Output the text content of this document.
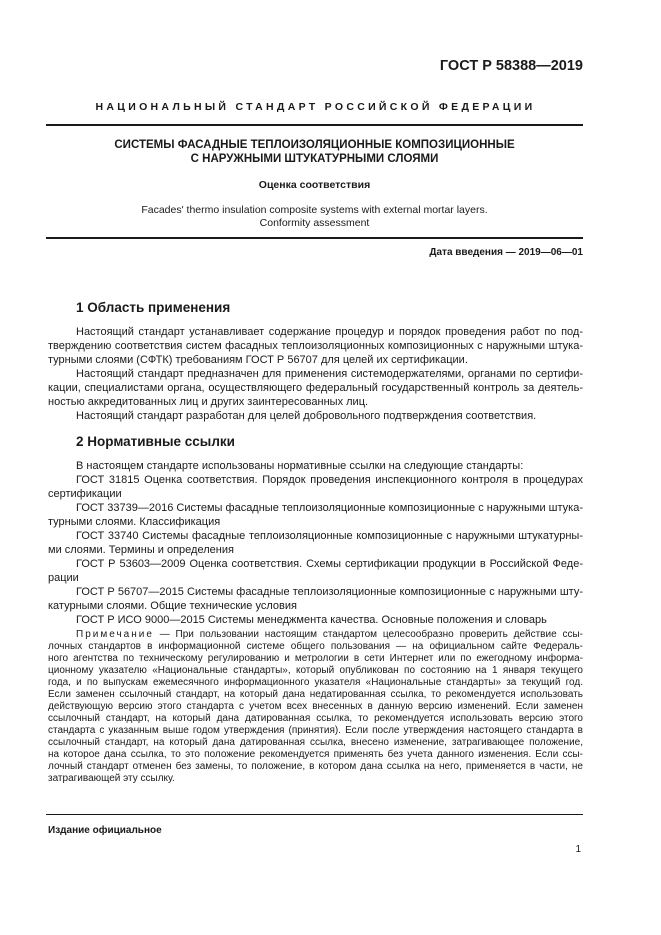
ГОСТ Р 58388—2019
НАЦИОНАЛЬНЫЙ СТАНДАРТ РОССИЙСКОЙ ФЕДЕРАЦИИ
СИСТЕМЫ ФАСАДНЫЕ ТЕПЛОИЗОЛЯЦИОННЫЕ КОМПОЗИЦИОННЫЕ
С НАРУЖНЫМИ ШТУКАТУРНЫМИ СЛОЯМИ
Оценка соответствия
Facades' thermo insulation composite systems with external mortar layers.
Conformity assessment
Дата введения — 2019—06—01
1 Область применения
Настоящий стандарт устанавливает содержание процедур и порядок проведения работ по под-
тверждению соответствия систем фасадных теплоизоляционных композиционных с наружными штука-
турными слоями (СФТК) требованиям ГОСТ Р 56707 для целей их сертификации.
Настоящий стандарт предназначен для применения системодержателями, органами по сертифи-
кации, специалистами органа, осуществляющего федеральный государственный контроль за деятель-
ностью аккредитованных лиц и других заинтересованных лиц.
Настоящий стандарт разработан для целей добровольного подтверждения соответствия.
2 Нормативные ссылки
В настоящем стандарте использованы нормативные ссылки на следующие стандарты:
ГОСТ 31815 Оценка соответствия. Порядок проведения инспекционного контроля в процедурах
сертификации
ГОСТ 33739—2016 Системы фасадные теплоизоляционные композиционные с наружными штука-
турными слоями. Классификация
ГОСТ 33740 Системы фасадные теплоизоляционные композиционные с наружными штукатурны-
ми слоями. Термины и определения
ГОСТ Р 53603—2009 Оценка соответствия. Схемы сертификации продукции в Российской Феде-
рации
ГОСТ Р 56707—2015 Системы фасадные теплоизоляционные композиционные с наружными шту-
катурными слоями. Общие технические условия
ГОСТ Р ИСО 9000—2015 Системы менеджмента качества. Основные положения и словарь
Примечание — При пользовании настоящим стандартом целесообразно проверить действие ссы-
лочных стандартов в информационной системе общего пользования — на официальном сайте Федераль-
ного агентства по техническому регулированию и метрологии в сети Интернет или по ежегодному информа-
ционному указателю «Национальные стандарты», который опубликован по состоянию на 1 января текущего
года, и по выпускам ежемесячного информационного указателя «Национальные стандарты» за текущий год.
Если заменен ссылочный стандарт, на который дана недатированная ссылка, то рекомендуется использовать
действующую версию этого стандарта с учетом всех внесенных в данную версию изменений. Если заменен
ссылочный стандарт, на который дана датированная ссылка, то рекомендуется использовать версию этого
стандарта с указанным выше годом утверждения (принятия). Если после утверждения настоящего стандарта в
ссылочный стандарт, на который дана датированная ссылка, внесено изменение, затрагивающее положение,
на которое дана ссылка, то это положение рекомендуется применять без учета данного изменения. Если ссы-
лочный стандарт отменен без замены, то положение, в котором дана ссылка на него, применяется в части, не
затрагивающей эту ссылку.
Издание официальное
1
